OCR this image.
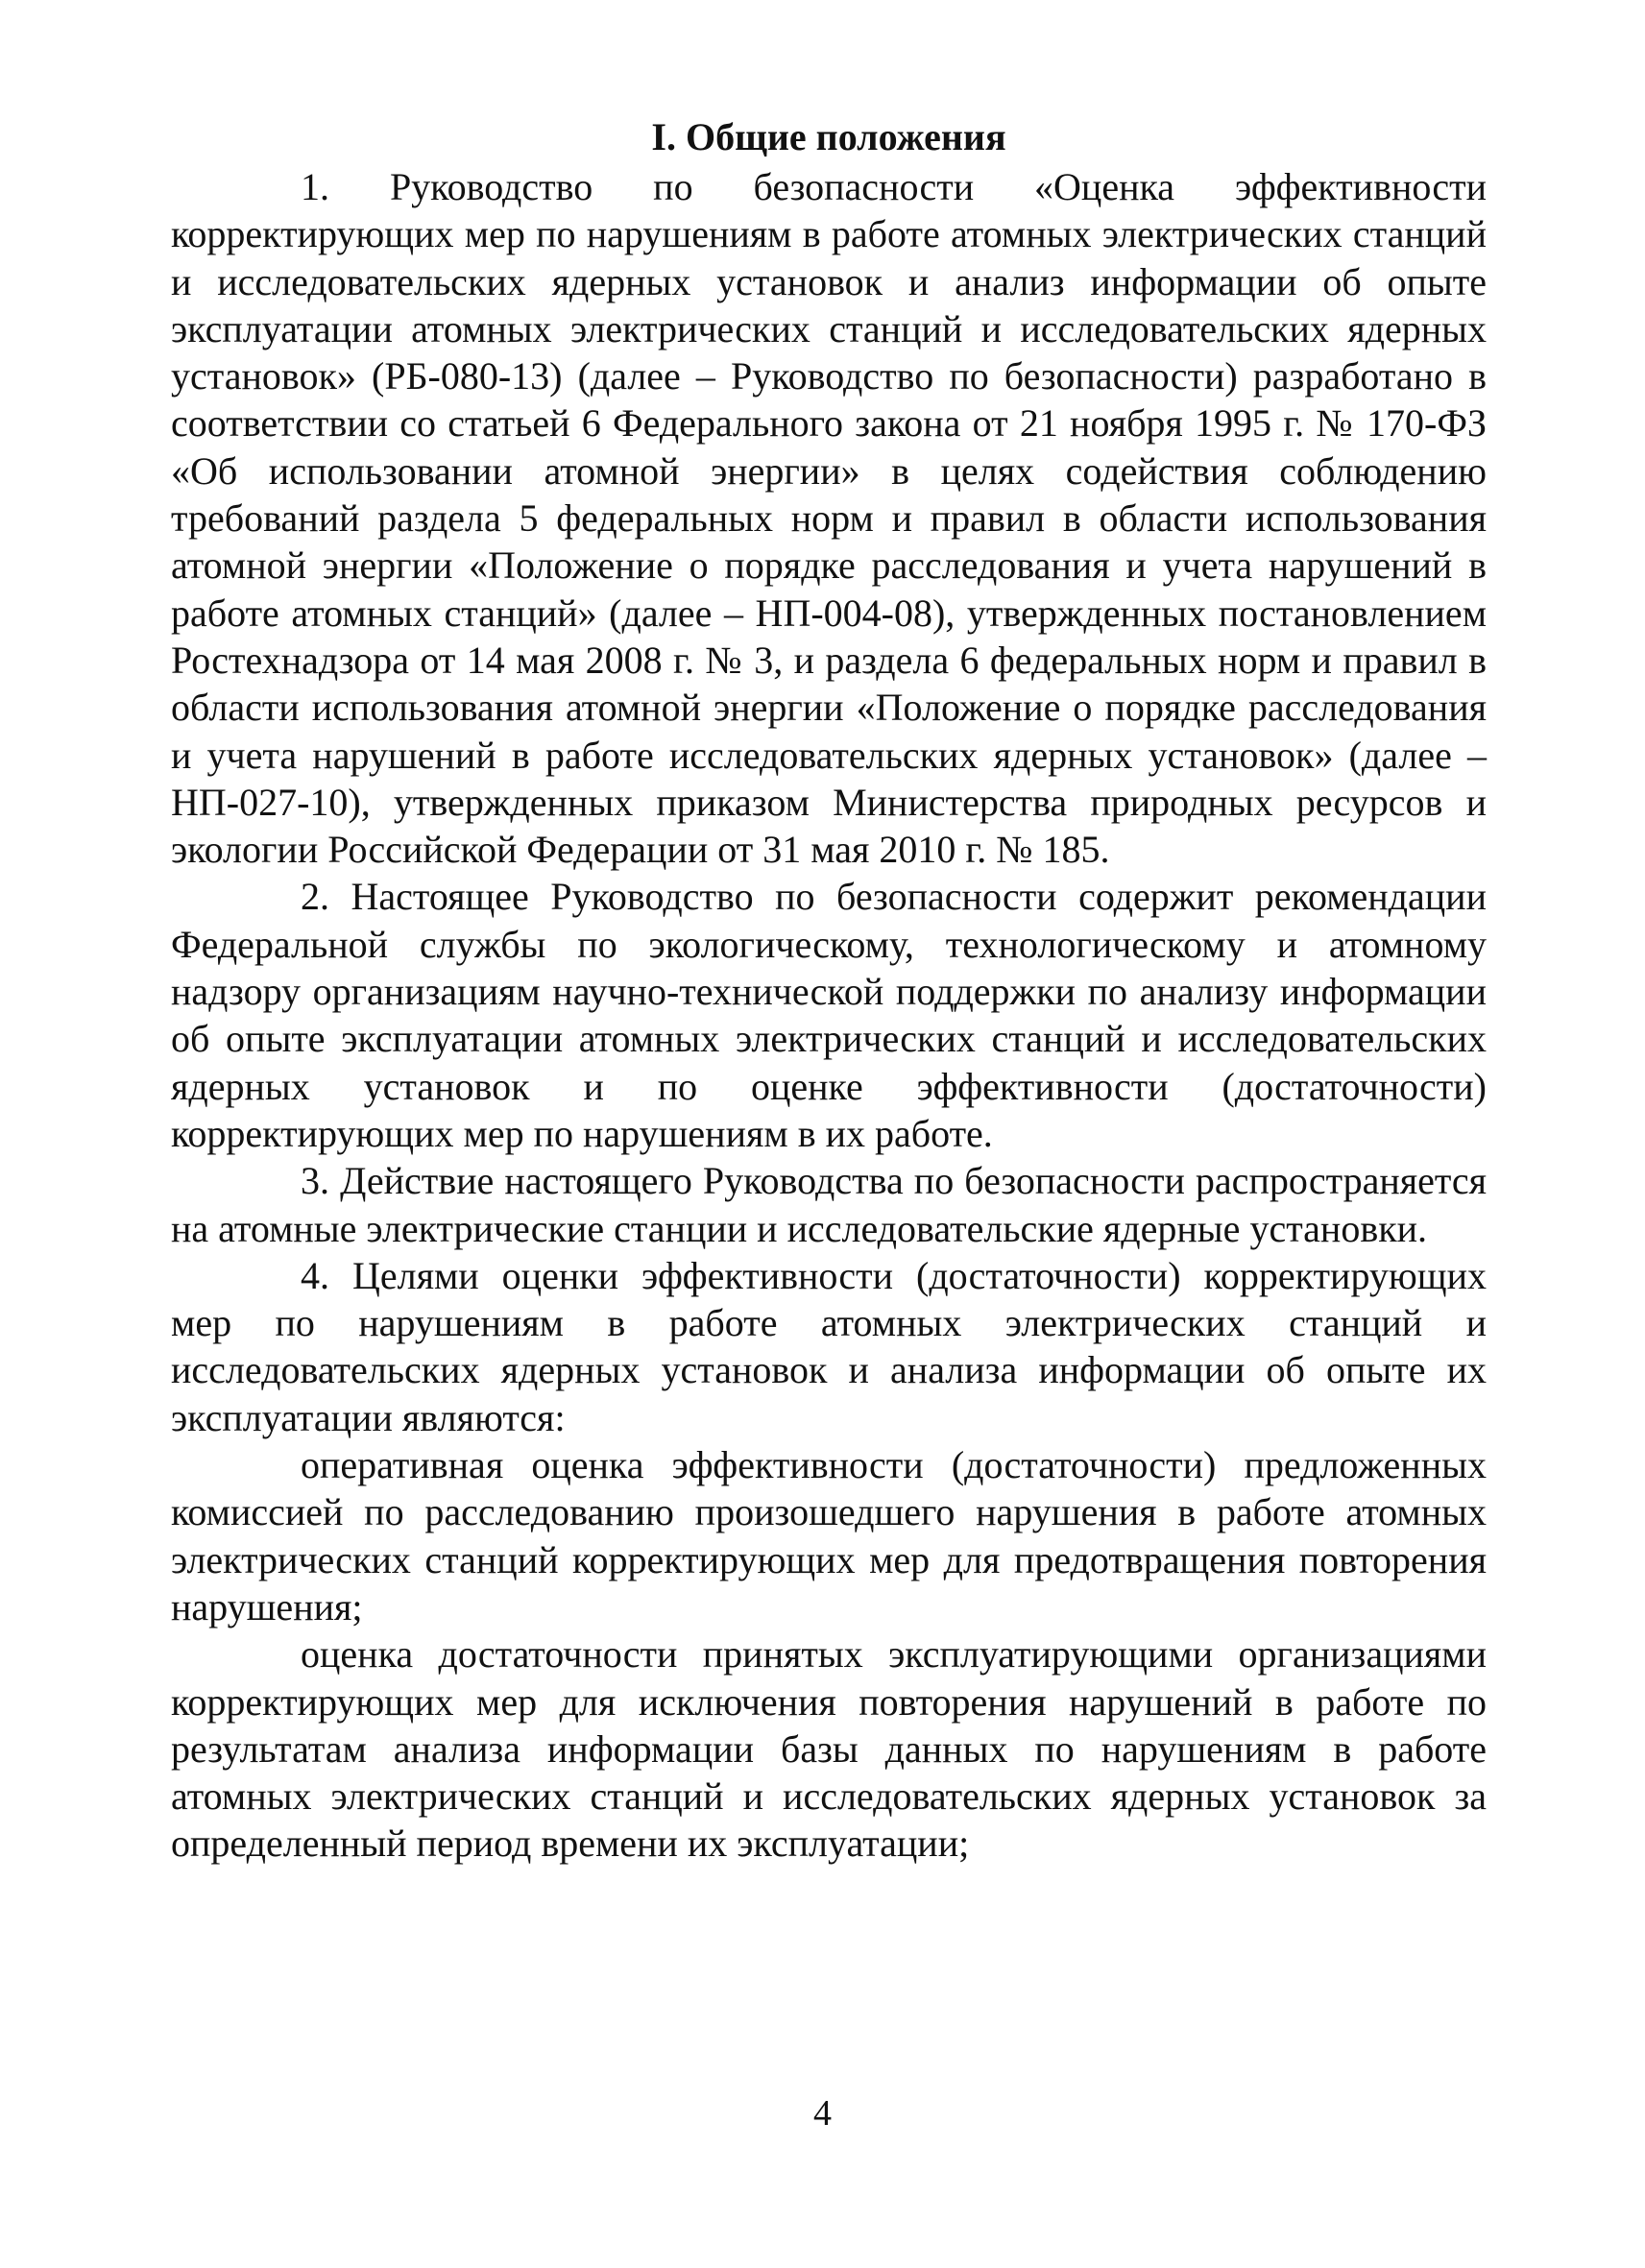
I. Общие положения

1. Руководство по безопасности «Оценка эффективности корректирующих мер по нарушениям в работе атомных электрических станций и исследовательских ядерных установок и анализ информации об опыте эксплуатации атомных электрических станций и исследовательских ядерных установок» (РБ-080-13) (далее – Руководство по безопасности) разработано в соответствии со статьей 6 Федерального закона от 21 ноября 1995 г. № 170-ФЗ «Об использовании атомной энергии» в целях содействия соблюдению требований раздела 5 федеральных норм и правил в области использования атомной энергии «Положение о порядке расследования и учета нарушений в работе атомных станций» (далее – НП-004-08), утвержденных постановлением Ростехнадзора от 14 мая 2008 г. № 3, и раздела 6 федеральных норм и правил в области использования атомной энергии «Положение о порядке расследования и учета нарушений в работе исследовательских ядерных установок» (далее – НП-027-10), утвержденных приказом Министерства природных ресурсов и экологии Российской Федерации от 31 мая 2010 г. № 185.

2. Настоящее Руководство по безопасности содержит рекомендации Федеральной службы по экологическому, технологическому и атомному надзору организациям научно-технической поддержки по анализу информации об опыте эксплуатации атомных электрических станций и исследовательских ядерных установок и по оценке эффективности (достаточности) корректирующих мер по нарушениям в их работе.

3. Действие настоящего Руководства по безопасности распространяется на атомные электрические станции и исследовательские ядерные установки.

4. Целями оценки эффективности (достаточности) корректирующих мер по нарушениям в работе атомных электрических станций и исследовательских ядерных установок и анализа информации об опыте их эксплуатации являются:

оперативная оценка эффективности (достаточности) предложенных комиссией по расследованию произошедшего нарушения в работе атомных электрических станций корректирующих мер для предотвращения повторения нарушения;

оценка достаточности принятых эксплуатирующими организациями корректирующих мер для исключения повторения нарушений в работе по результатам анализа информации базы данных по нарушениям в работе атомных электрических станций и исследовательских ядерных установок за определенный период времени их эксплуатации;

4
